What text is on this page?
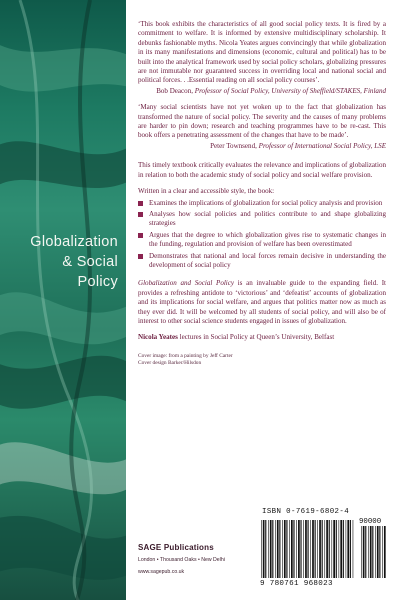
Globalization
& Social
Policy

‘This book exhibits the characteristics of all good social policy texts. It is fired by a commitment to welfare. It is informed by extensive multidisciplinary scholarship. It debunks fashionable myths. Nicola Yeates argues convincingly that while globalization in its many manifestations and dimensions (economic, cultural and political) has to be built into the analytical framework used by social policy scholars, globalizing pressures are not immutable nor guaranteed success in overriding local and national social and political forces. . .Essential reading on all social policy courses’.

Bob Deacon, Professor of Social Policy, University of Sheffield/STAKES, Finland

‘Many social scientists have not yet woken up to the fact that globalization has transformed the nature of social policy. The severity and the causes of many problems are harder to pin down; research and teaching programmes have to be re-cast. This book offers a penetrating assessment of the changes that have to be made’.

Peter Townsend, Professor of International Social Policy, LSE

This timely textbook critically evaluates the relevance and implications of globalization in relation to both the academic study of social policy and social welfare provision.

Written in a clear and accessible style, the book:

Examines the implications of globalization for social policy analysis and provision
Analyses how social policies and politics contribute to and shape globalizing strategies
Argues that the degree to which globalization gives rise to systematic changes in the funding, regulation and provision of welfare has been overestimated
Demonstrates that national and local forces remain decisive in understanding the development of social policy

Globalization and Social Policy is an invaluable guide to the expanding field. It provides a refreshing antidote to ‘victorious’ and ‘defeatist’ accounts of globalization and its implications for social welfare, and argues that politics matter now as much as they ever did. It will be welcomed by all students of social policy, and will also be of interest to other social science students engaged in issues of globalization.

Nicola Yeates lectures in Social Policy at Queen’s University, Belfast

Cover image: from a painting by Jeff Carter

Cover design Barker/Hilsdon

SAGE Publications
London • Thousand Oaks • New Delhi
www.sagepub.co.uk
ISBN 0-7619-6802-4
90000
9 780761 968023
